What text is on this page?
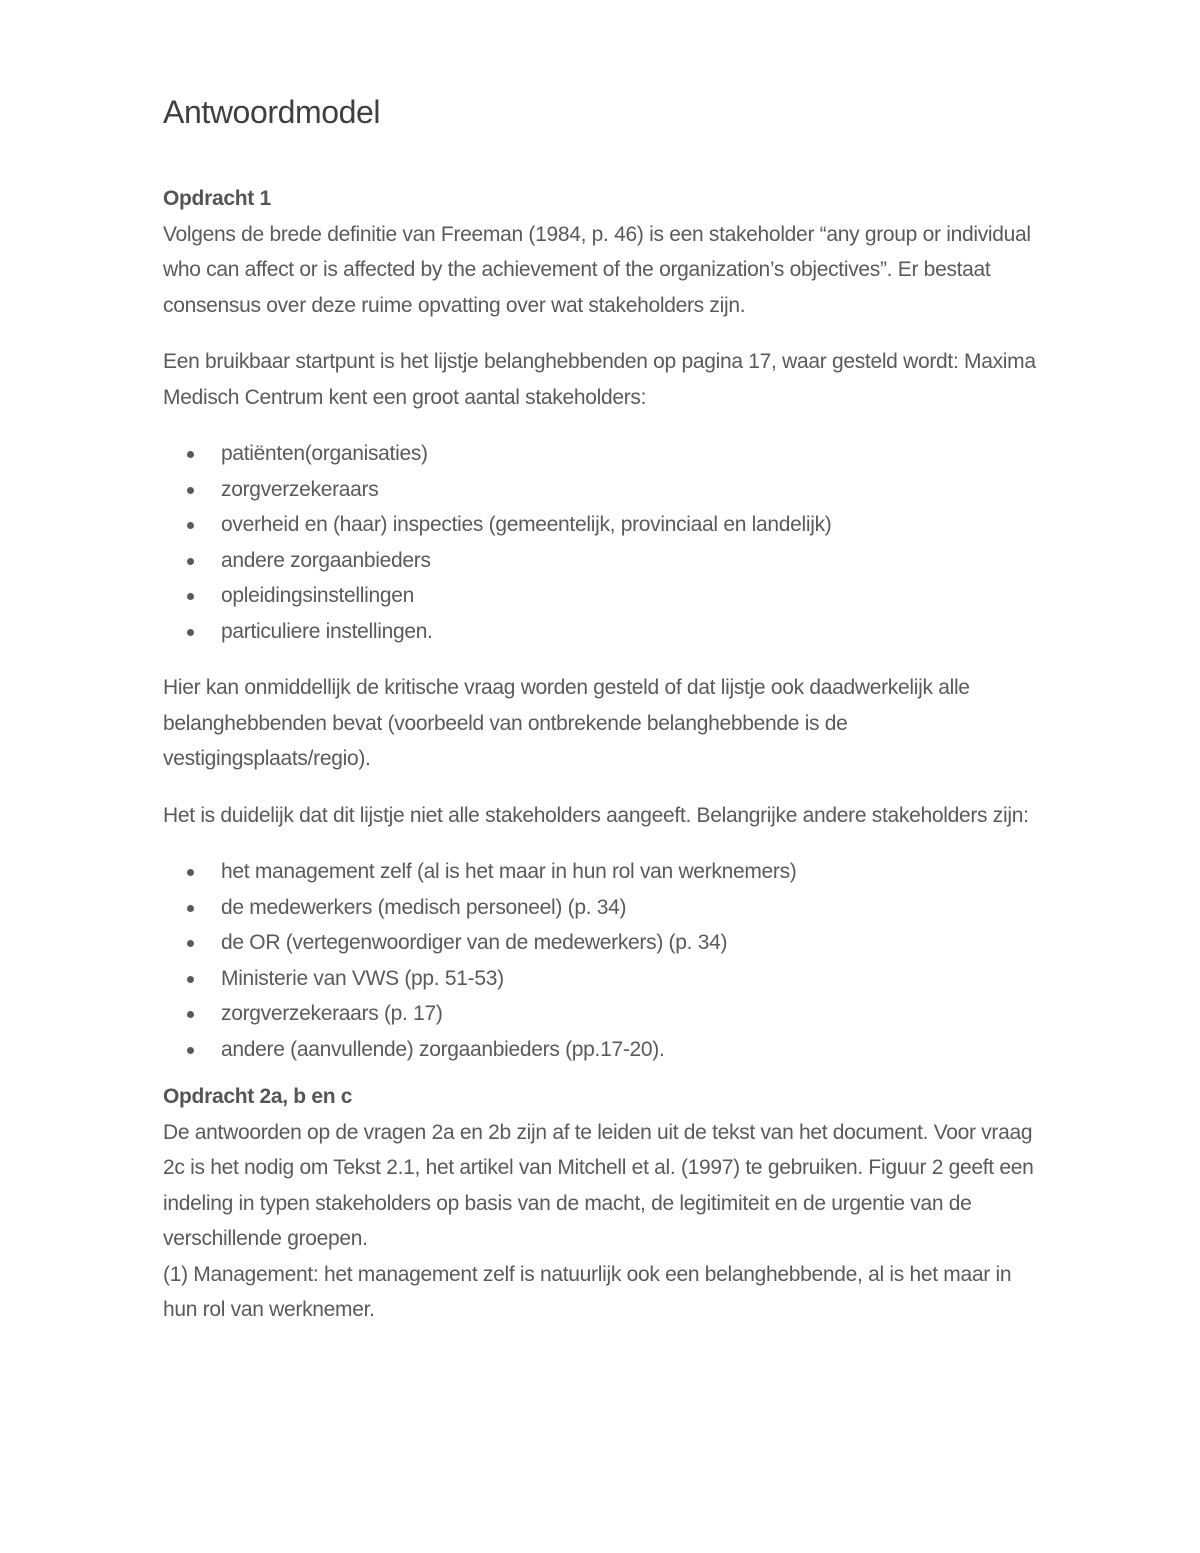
Antwoordmodel
Opdracht 1

Volgens de brede definitie van Freeman (1984, p. 46) is een stakeholder “any group or individual who can affect or is affected by the achievement of the organization’s objectives”. Er bestaat consensus over deze ruime opvatting over wat stakeholders zijn.

Een bruikbaar startpunt is het lijstje belanghebbenden op pagina 17, waar gesteld wordt: Maxima Medisch Centrum kent een groot aantal stakeholders:

patiënten(organisaties)
zorgverzekeraars
overheid en (haar) inspecties (gemeentelijk, provinciaal en landelijk)
andere zorgaanbieders
opleidingsinstellingen
particuliere instellingen.

Hier kan onmiddellijk de kritische vraag worden gesteld of dat lijstje ook daadwerkelijk alle belanghebbenden bevat (voorbeeld van ontbrekende belanghebbende is de vestigingsplaats/regio).

Het is duidelijk dat dit lijstje niet alle stakeholders aangeeft. Belangrijke andere stakeholders zijn:

het management zelf (al is het maar in hun rol van werknemers)
de medewerkers (medisch personeel) (p. 34)
de OR (vertegenwoordiger van de medewerkers) (p. 34)
Ministerie van VWS (pp. 51-53)
zorgverzekeraars (p. 17)
andere (aanvullende) zorgaanbieders (pp.17-20).
Opdracht 2a, b en c

De antwoorden op de vragen 2a en 2b zijn af te leiden uit de tekst van het document. Voor vraag 2c is het nodig om Tekst 2.1, het artikel van Mitchell et al. (1997) te gebruiken. Figuur 2 geeft een indeling in typen stakeholders op basis van de macht, de legitimiteit en de urgentie van de verschillende groepen.

(1) Management: het management zelf is natuurlijk ook een belanghebbende, al is het maar in hun rol van werknemer.
